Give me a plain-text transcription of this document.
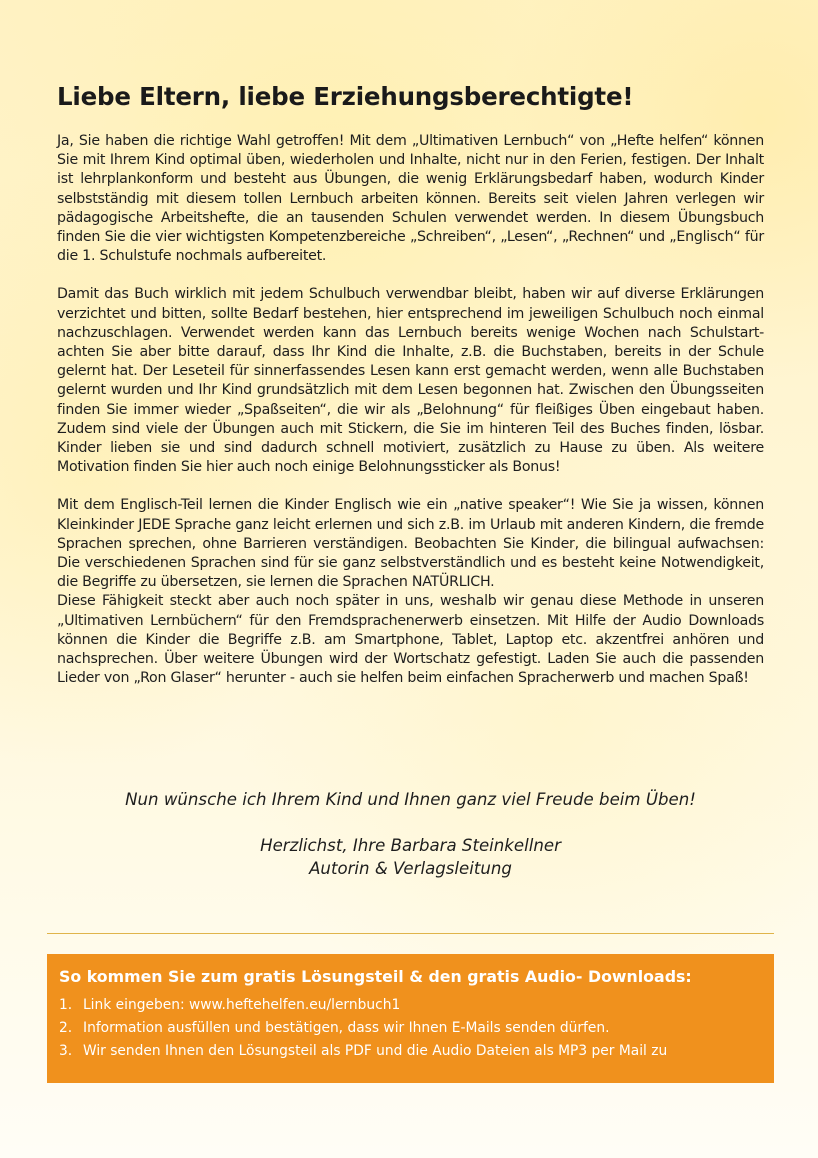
Liebe Eltern, liebe Erziehungsberechtigte!

Ja, Sie haben die richtige Wahl getroffen! Mit dem „Ultimativen Lernbuch“ von „Hefte helfen“ können Sie mit Ihrem Kind optimal üben, wiederholen und Inhalte, nicht nur in den Ferien, festigen. Der Inhalt ist lehrplankonform und besteht aus Übungen, die wenig Erklärungsbedarf haben, wodurch Kinder selbstständig mit diesem tollen Lernbuch arbeiten können. Bereits seit vielen Jahren verlegen wir pädagogische Arbeitshefte, die an tausenden Schulen verwendet werden. In diesem Übungsbuch finden Sie die vier wichtigsten Kompetenzbereiche „Schreiben“, „Lesen“, „Rechnen“ und „Englisch“ für die 1. Schulstufe nochmals aufbereitet.

Damit das Buch wirklich mit jedem Schulbuch verwendbar bleibt, haben wir auf diverse Erklärungen verzichtet und bitten, sollte Bedarf bestehen, hier entsprechend im jeweiligen Schulbuch noch einmal nachzuschlagen. Verwendet werden kann das Lernbuch bereits wenige Wochen nach Schulstart- achten Sie aber bitte darauf, dass Ihr Kind die Inhalte, z.B. die Buchstaben, bereits in der Schule gelernt hat. Der Leseteil für sinnerfassendes Lesen kann erst gemacht werden, wenn alle Buchstaben gelernt wurden und Ihr Kind grundsätzlich mit dem Lesen begonnen hat. Zwischen den Übungsseiten finden Sie immer wieder „Spaßseiten“, die wir als „Belohnung“ für fleißiges Üben eingebaut haben. Zudem sind viele der Übungen auch mit Stickern, die Sie im hinteren Teil des Buches finden, lösbar. Kinder lieben sie und sind dadurch schnell motiviert, zusätzlich zu Hause zu üben. Als weitere Motivation finden Sie hier auch noch einige Belohnungssticker als Bonus!

Mit dem Englisch-Teil lernen die Kinder Englisch wie ein „native speaker“! Wie Sie ja wissen, können Kleinkinder JEDE Sprache ganz leicht erlernen und sich z.B. im Urlaub mit anderen Kindern, die fremde Sprachen sprechen, ohne Barrieren verständigen. Beobachten Sie Kinder, die bilingual aufwachsen: Die verschiedenen Sprachen sind für sie ganz selbstverständlich und es besteht keine Notwendigkeit, die Begriffe zu übersetzen, sie lernen die Sprachen NATÜRLICH.

Diese Fähigkeit steckt aber auch noch später in uns, weshalb wir genau diese Methode in unseren „Ultimativen Lernbüchern“ für den Fremdsprachenerwerb einsetzen. Mit Hilfe der Audio Downloads können die Kinder die Begriffe z.B. am Smartphone, Tablet, Laptop etc. akzentfrei anhören und nachsprechen. Über weitere Übungen wird der Wortschatz gefestigt. Laden Sie auch die passenden Lieder von „Ron Glaser“ herunter - auch sie helfen beim einfachen Spracherwerb und machen Spaß!

Nun wünsche ich Ihrem Kind und Ihnen ganz viel Freude beim Üben!

Herzlichst, Ihre Barbara Steinkellner
Autorin & Verlagsleitung
So kommen Sie zum gratis Lösungsteil & den gratis Audio- Downloads:
1. Link eingeben: www.heftehelfen.eu/lernbuch1
2. Information ausfüllen und bestätigen, dass wir Ihnen E-Mails senden dürfen.
3. Wir senden Ihnen den Lösungsteil als PDF und die Audio Dateien als MP3 per Mail zu
